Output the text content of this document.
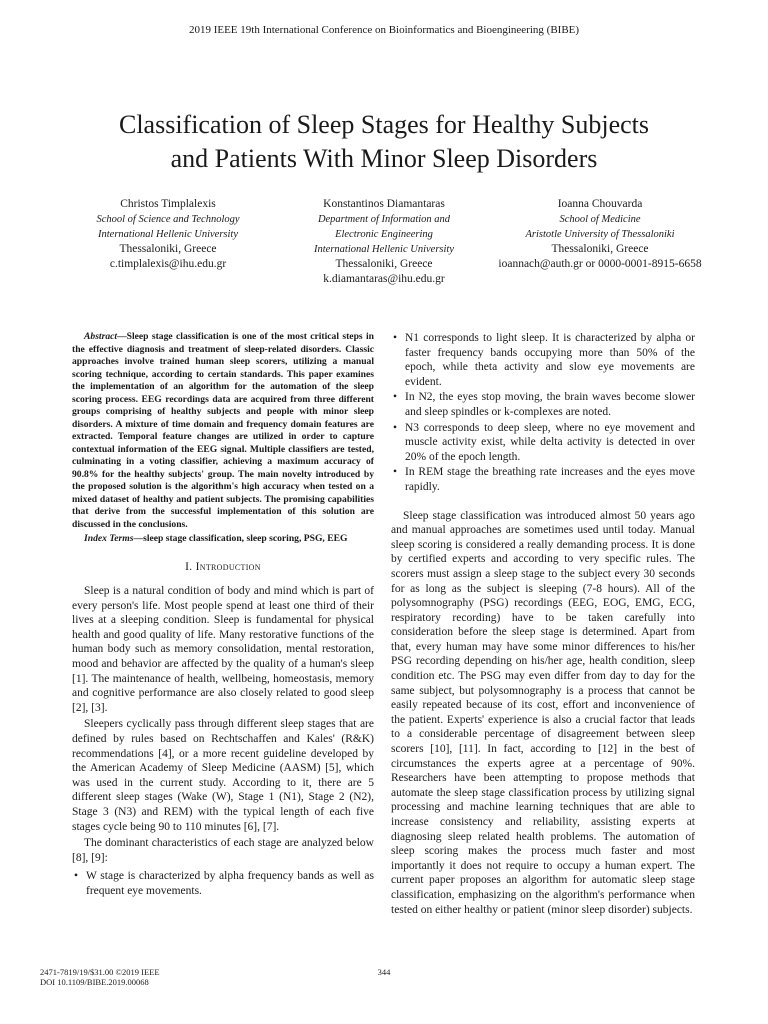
2019 IEEE 19th International Conference on Bioinformatics and Bioengineering (BIBE)
Classification of Sleep Stages for Healthy Subjects
and Patients With Minor Sleep Disorders
Christos Timplalexis
School of Science and Technology
International Hellenic University
Thessaloniki, Greece
c.timplalexis@ihu.edu.gr
Konstantinos Diamantaras
Department of Information and
Electronic Engineering
International Hellenic University
Thessaloniki, Greece
k.diamantaras@ihu.edu.gr
Ioanna Chouvarda
School of Medicine
Aristotle University of Thessaloniki
Thessaloniki, Greece
ioannach@auth.gr or 0000-0001-8915-6658

Abstract—Sleep stage classification is one of the most critical steps in the effective diagnosis and treatment of sleep-related disorders. Classic approaches involve trained human sleep scorers, utilizing a manual scoring technique, according to certain standards. This paper examines the implementation of an algorithm for the automation of the sleep scoring process. EEG recordings data are acquired from three different groups comprising of healthy subjects and people with minor sleep disorders. A mixture of time domain and frequency domain features are extracted. Temporal feature changes are utilized in order to capture contextual information of the EEG signal. Multiple classifiers are tested, culminating in a voting classifier, achieving a maximum accuracy of 90.8% for the healthy subjects' group. The main novelty introduced by the proposed solution is the algorithm's high accuracy when tested on a mixed dataset of healthy and patient subjects. The promising capabilities that derive from the successful implementation of this solution are discussed in the conclusions.

Index Terms—sleep stage classification, sleep scoring, PSG, EEG

I. Introduction

Sleep is a natural condition of body and mind which is part of every person's life. Most people spend at least one third of their lives at a sleeping condition. Sleep is fundamental for physical health and good quality of life. Many restorative functions of the human body such as memory consolidation, mental restoration, mood and behavior are affected by the quality of a human's sleep [1]. The maintenance of health, wellbeing, homeostasis, memory and cognitive performance are also closely related to good sleep [2], [3].

Sleepers cyclically pass through different sleep stages that are defined by rules based on Rechtschaffen and Kales' (R&K) recommendations [4], or a more recent guideline developed by the American Academy of Sleep Medicine (AASM) [5], which was used in the current study. According to it, there are 5 different sleep stages (Wake (W), Stage 1 (N1), Stage 2 (N2), Stage 3 (N3) and REM) with the typical length of each five stages cycle being 90 to 110 minutes [6], [7].

The dominant characteristics of each stage are analyzed below [8], [9]:

• W stage is characterized by alpha frequency bands as well as frequent eye movements.
• N1 corresponds to light sleep. It is characterized by alpha or faster frequency bands occupying more than 50% of the epoch, while theta activity and slow eye movements are evident.
• In N2, the eyes stop moving, the brain waves become slower and sleep spindles or k-complexes are noted.
• N3 corresponds to deep sleep, where no eye movement and muscle activity exist, while delta activity is detected in over 20% of the epoch length.
• In REM stage the breathing rate increases and the eyes move rapidly.

Sleep stage classification was introduced almost 50 years ago and manual approaches are sometimes used until today. Manual sleep scoring is considered a really demanding process. It is done by certified experts and according to very specific rules. The scorers must assign a sleep stage to the subject every 30 seconds for as long as the subject is sleeping (7-8 hours). All of the polysomnography (PSG) recordings (EEG, EOG, EMG, ECG, respiratory recording) have to be taken carefully into consideration before the sleep stage is determined. Apart from that, every human may have some minor differences to his/her PSG recording depending on his/her age, health condition, sleep condition etc. The PSG may even differ from day to day for the same subject, but polysomnography is a process that cannot be easily repeated because of its cost, effort and inconvenience of the patient. Experts' experience is also a crucial factor that leads to a considerable percentage of disagreement between sleep scorers [10], [11]. In fact, according to [12] in the best of circumstances the experts agree at a percentage of 90%. Researchers have been attempting to propose methods that automate the sleep stage classification process by utilizing signal processing and machine learning techniques that are able to increase consistency and reliability, assisting experts at diagnosing sleep related health problems. The automation of sleep scoring makes the process much faster and most importantly it does not require to occupy a human expert. The current paper proposes an algorithm for automatic sleep stage classification, emphasizing on the algorithm's performance when tested on either healthy or patient (minor sleep disorder) subjects.

2471-7819/19/$31.00 ©2019 IEEE
DOI 10.1109/BIBE.2019.00068
344
